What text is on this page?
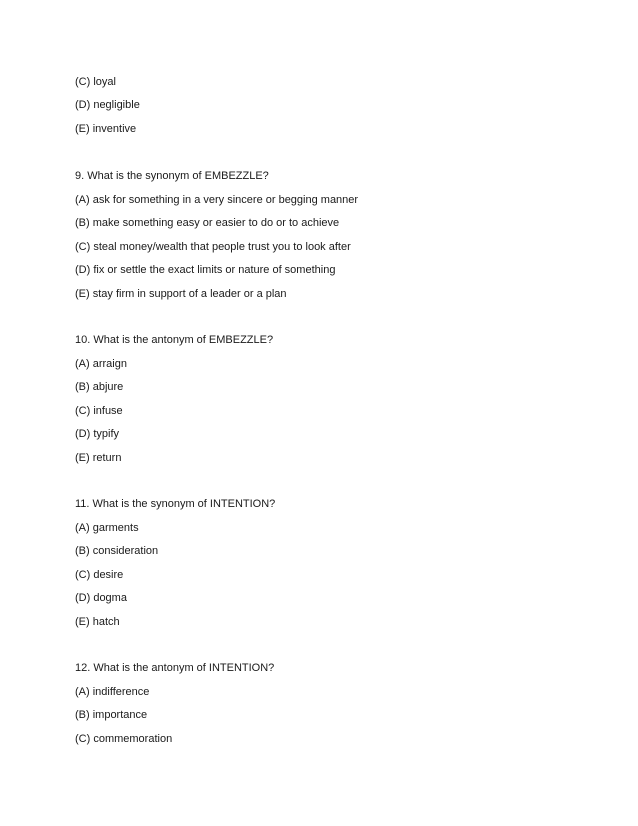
(C) loyal

(D) negligible

(E) inventive

9. What is the synonym of EMBEZZLE?

(A) ask for something in a very sincere or begging manner

(B) make something easy or easier to do or to achieve

(C) steal money/wealth that people trust you to look after

(D) fix or settle the exact limits or nature of something

(E) stay firm in support of a leader or a plan

10. What is the antonym of EMBEZZLE?

(A) arraign

(B) abjure

(C) infuse

(D) typify

(E) return

11. What is the synonym of INTENTION?

(A) garments

(B) consideration

(C) desire

(D) dogma

(E) hatch

12. What is the antonym of INTENTION?

(A) indifference

(B) importance

(C) commemoration
